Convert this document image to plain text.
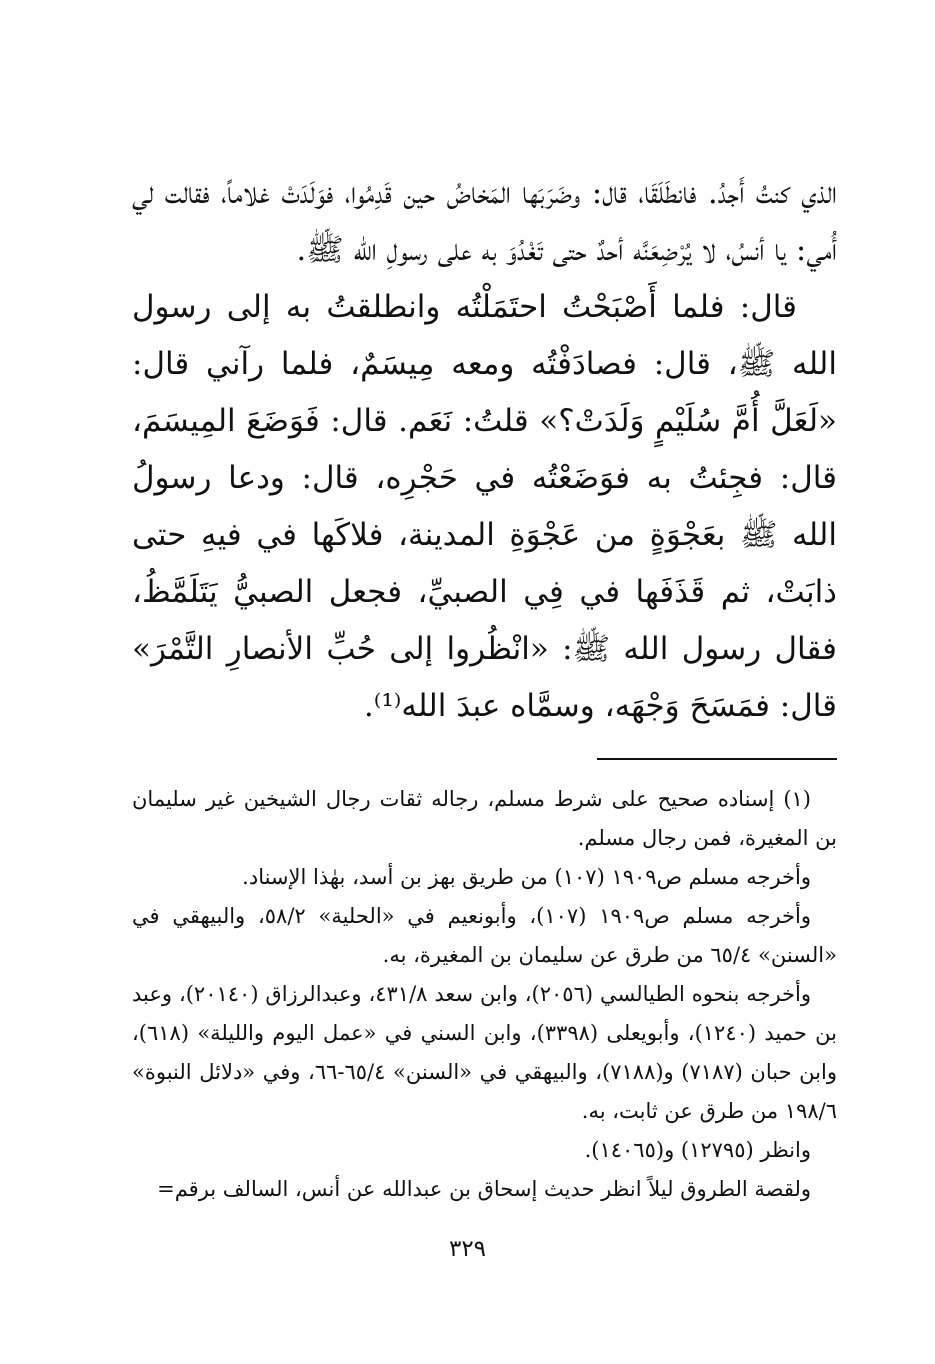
الذي كنتُ أَجدُ. فانطَلَقَا، قال: وضَرَبَها المَخاضُ حين قَدِمُوا، فوَلَدَتْ غلاماً، فقالت لي أُمي: يا أنسُ، لا يُرْضِعَنَّه أحدٌ حتى تَغْدُوَ به على رسولِ الله ﷺ.

قال: فلما أَصْبَحْتُ احتَمَلْتُه وانطلقتُ به إلى رسول الله ﷺ، قال: فصادَفْتُه ومعه مِيسَمٌ، فلما رآني قال: «لَعَلَّ أُمَّ سُلَيْمٍ وَلَدَتْ؟» قلتُ: نَعَم. قال: فَوَضَعَ المِيسَمَ، قال: فجِئتُ به فوَضَعْتُه في حَجْرِه، قال: ودعا رسولُ الله ﷺ بعَجْوَةٍ من عَجْوَةِ المدينة، فلاكَها في فيهِ حتى ذابَتْ، ثم قَذَفَها في فِي الصبيِّ، فجعل الصبيُّ يَتَلَمَّظُ، فقال رسول الله ﷺ: «انْظُروا إلى حُبِّ الأنصارِ التَّمْرَ» قال: فمَسَحَ وَجْهَه، وسمَّاه عبدَ الله⁽¹⁾.

(١) إسناده صحيح على شرط مسلم، رجاله ثقات رجال الشيخين غير سليمان بن المغيرة، فمن رجال مسلم.

وأخرجه مسلم ص١٩٠٩ (١٠٧) من طريق بهز بن أسد، بهٰذا الإسناد.

وأخرجه مسلم ص١٩٠٩ (١٠٧)، وأبونعيم في «الحلية» ٥٨/٢، والبيهقي في «السنن» ٦٥/٤ من طرق عن سليمان بن المغيرة، به.

وأخرجه بنحوه الطيالسي (٢٠٥٦)، وابن سعد ٤٣١/٨، وعبدالرزاق (٢٠١٤٠)، وعبد بن حميد (١٢٤٠)، وأبويعلى (٣٣٩٨)، وابن السني في «عمل اليوم والليلة» (٦١٨)، وابن حبان (٧١٨٧) و(٧١٨٨)، والبيهقي في «السنن» ٦٥/٤-٦٦، وفي «دلائل النبوة» ١٩٨/٦ من طرق عن ثابت، به.

وانظر (١٢٧٩٥) و(١٤٠٦٥).

ولقصة الطروق ليلاً انظر حديث إسحاق بن عبدالله عن أنس، السالف برقم=

٣٢٩
